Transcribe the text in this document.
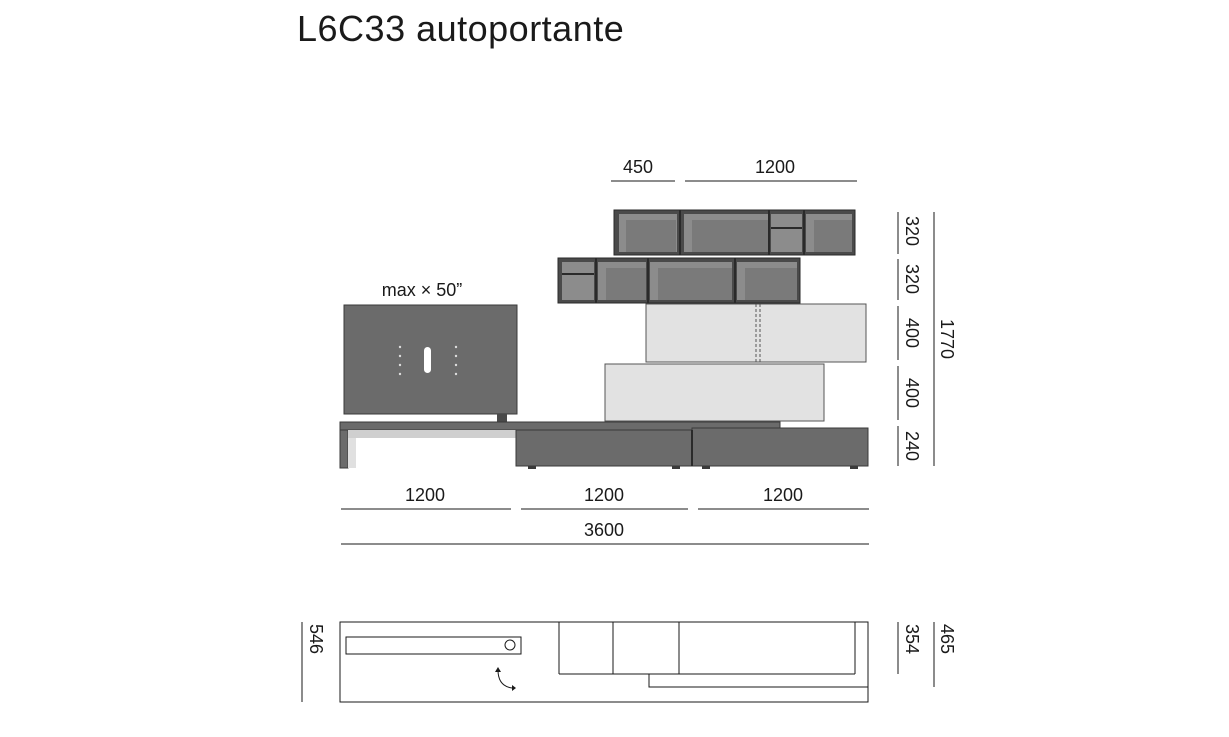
L6C33 autoportante
450	1200
max × 50”
320
320
400
400
240
1770
1200	1200	1200
3600
546	354 465
